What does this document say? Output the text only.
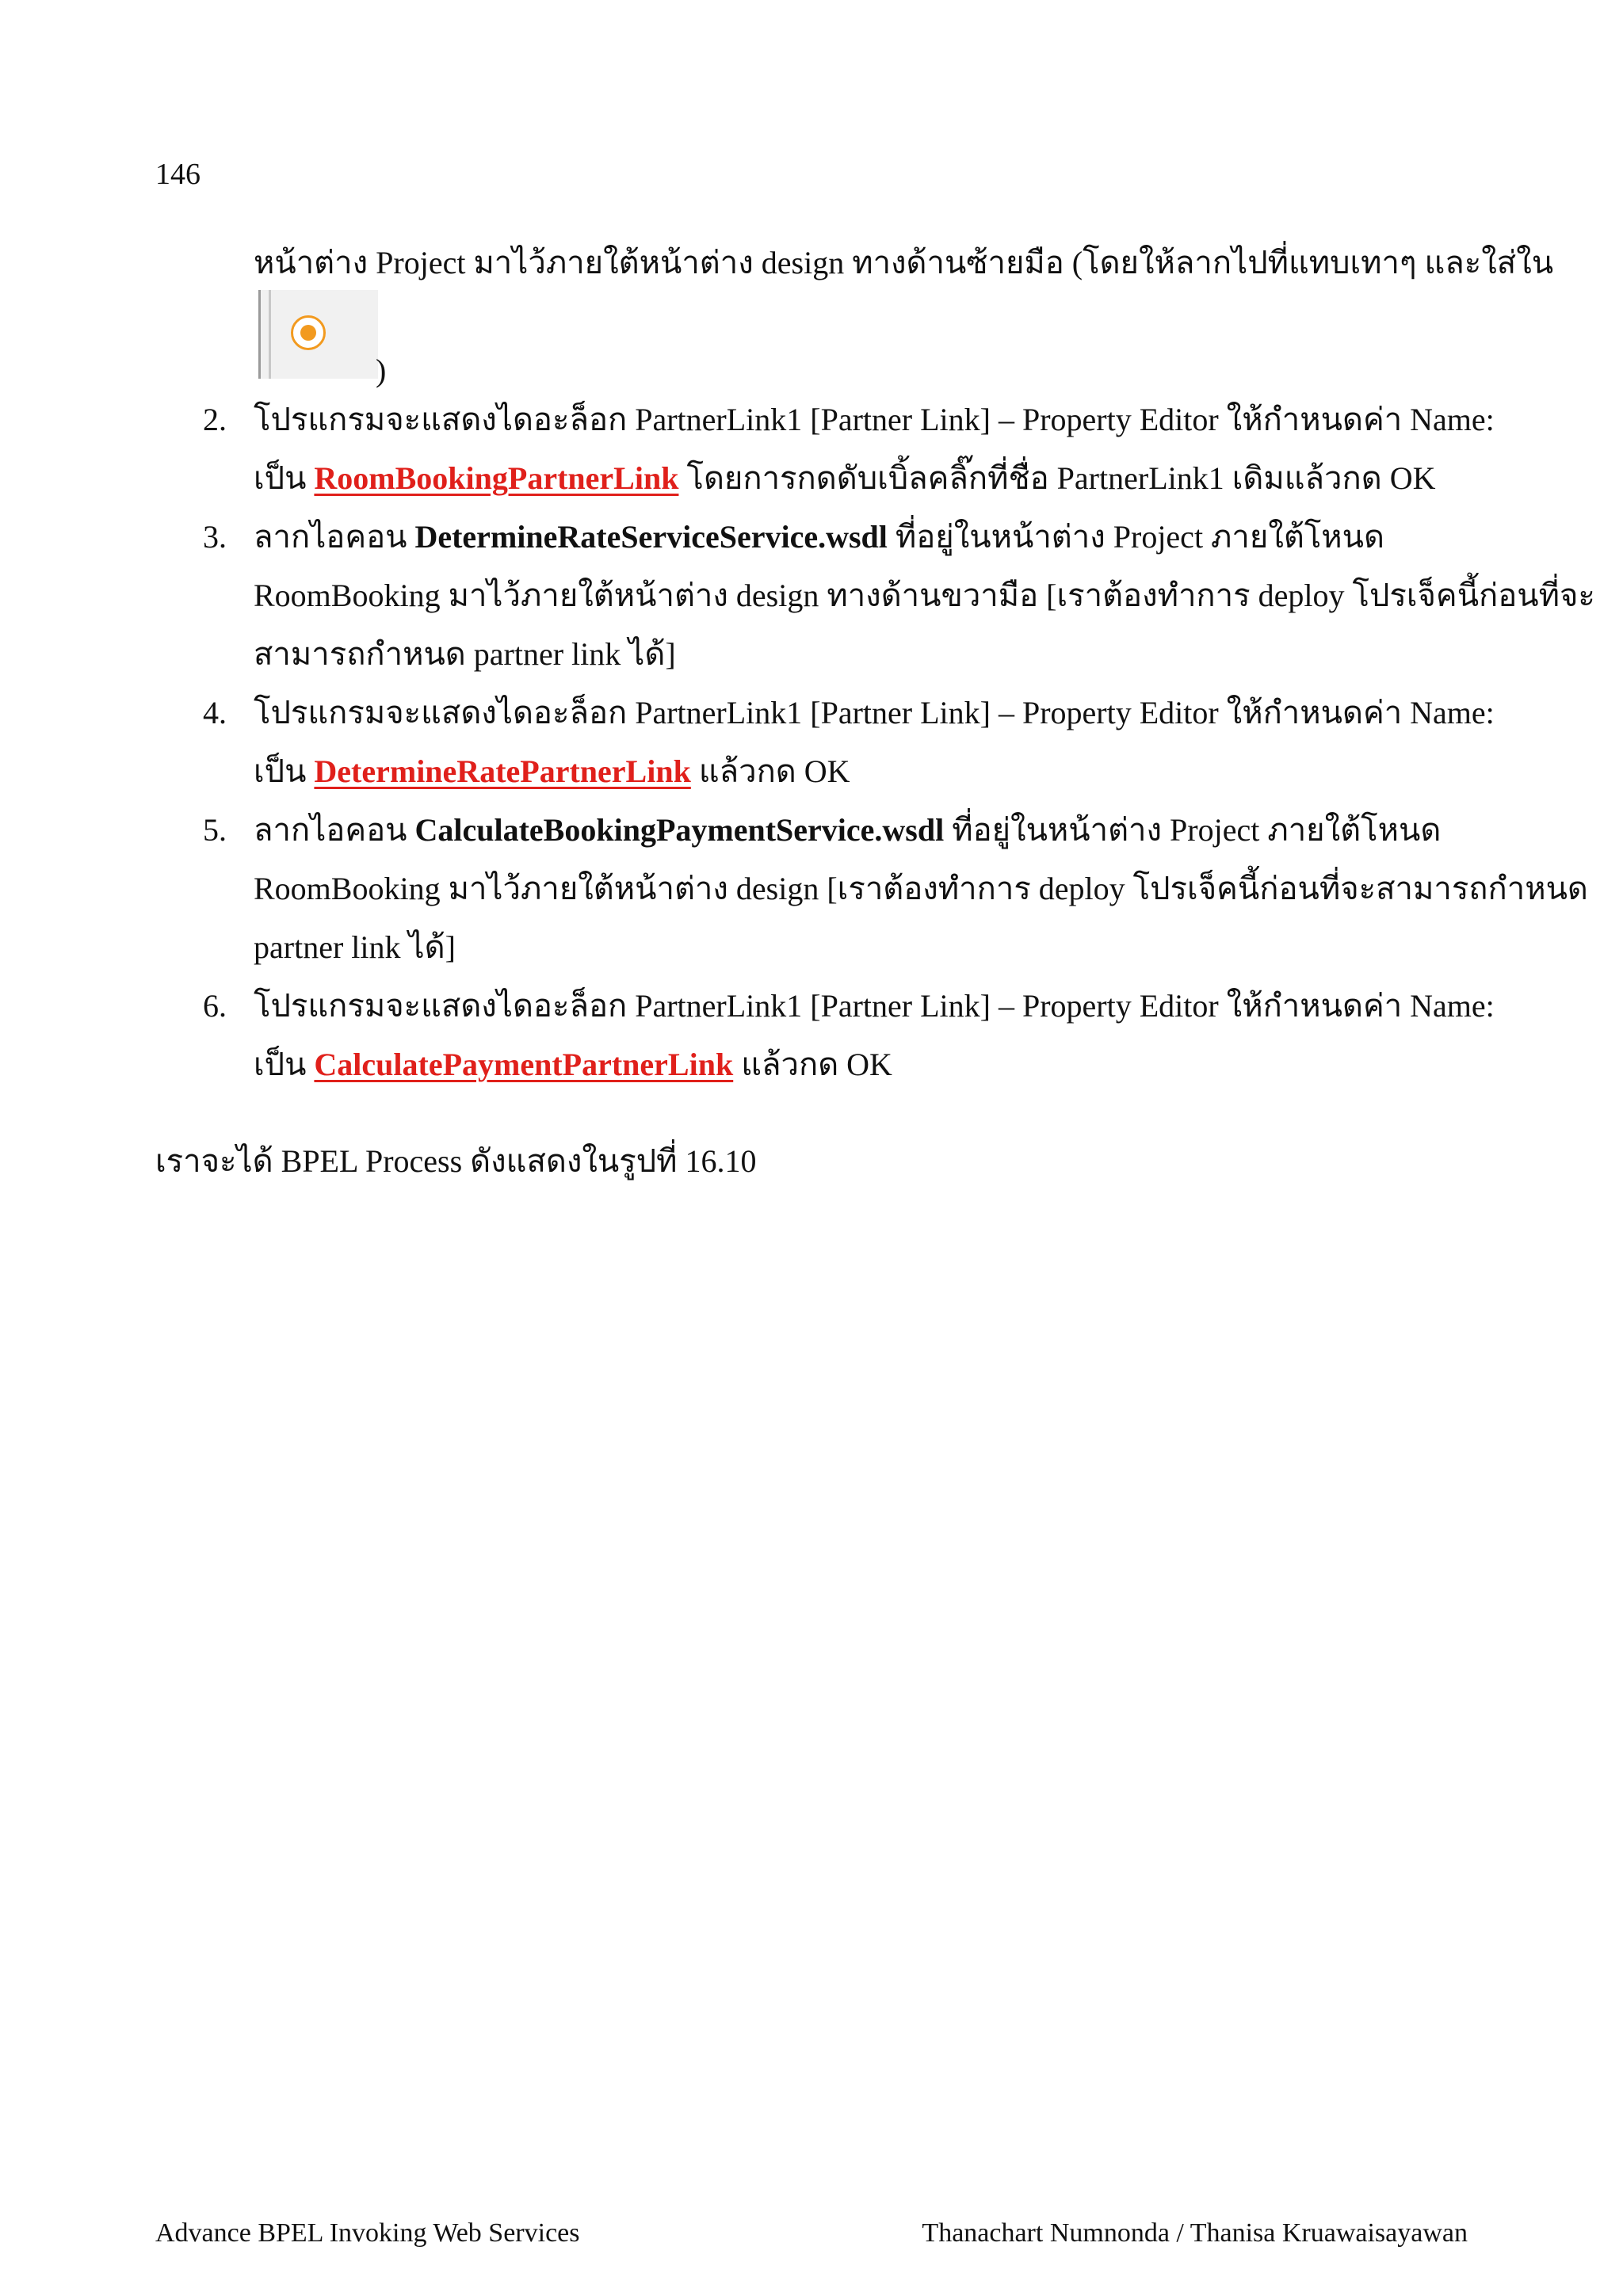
146
หน้าต่าง Project มาไว้ภายใต้หน้าต่าง design ทางด้านซ้ายมือ (โดยให้ลากไปที่แทบเทาๆ และใส่ใน
)
2. โปรแกรมจะแสดงไดอะล็อก PartnerLink1 [Partner Link] – Property Editor ให้กำหนดค่า Name:
เป็น RoomBookingPartnerLink โดยการกดดับเบิ้ลคลิ๊กที่ชื่อ PartnerLink1 เดิมแล้วกด OK
3. ลากไอคอน DetermineRateServiceService.wsdl ที่อยู่ในหน้าต่าง Project ภายใต้โหนด
RoomBooking มาไว้ภายใต้หน้าต่าง design ทางด้านขวามือ [เราต้องทำการ deploy โปรเจ็คนี้ก่อนที่จะ
สามารถกำหนด partner link ได้]
4. โปรแกรมจะแสดงไดอะล็อก PartnerLink1 [Partner Link] – Property Editor ให้กำหนดค่า Name:
เป็น DetermineRatePartnerLink แล้วกด OK
5. ลากไอคอน CalculateBookingPaymentService.wsdl ที่อยู่ในหน้าต่าง Project ภายใต้โหนด
RoomBooking มาไว้ภายใต้หน้าต่าง design [เราต้องทำการ deploy โปรเจ็คนี้ก่อนที่จะสามารถกำหนด
partner link ได้]
6. โปรแกรมจะแสดงไดอะล็อก PartnerLink1 [Partner Link] – Property Editor ให้กำหนดค่า Name:
เป็น CalculatePaymentPartnerLink แล้วกด OK
เราจะได้ BPEL Process ดังแสดงในรูปที่ 16.10
Advance BPEL Invoking Web Services	Thanachart Numnonda / Thanisa Kruawaisayawan
